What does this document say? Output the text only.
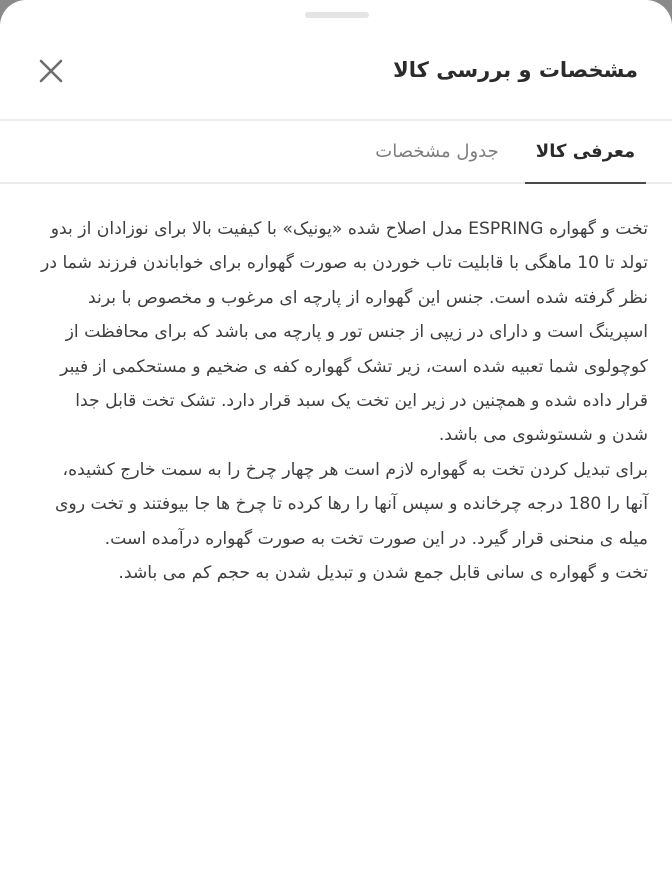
مشخصات و بررسی کالا
معرفی کالا
جدول مشخصات

تخت و گهواره ESPRING مدل اصلاح شده «یونیک» با کیفیت بالا برای نوزادان از بدو تولد تا 10 ماهگی با قابلیت تاب خوردن به صورت گهواره برای خواباندن فرزند شما در نظر گرفته شده است. جنس این گهواره از پارچه ای مرغوب و مخصوص با برند اسپرینگ است و دارای در زیپی از جنس تور و پارچه می باشد که برای محافظت از کوچولوی شما تعبیه شده است، زیر تشک گهواره کفه ی ضخیم و مستحکمی از فیبر قرار داده شده و همچنین در زیر این تخت یک سبد قرار دارد. تشک تخت قابل جدا شدن و شستوشوی می باشد.

برای تبدیل کردن تخت به گهواره لازم است هر چهار چرخ را به سمت خارج کشیده، آنها را 180 درجه چرخانده و سپس آنها را رها کرده تا چرخ ها جا بیوفتند و تخت روی میله ی منحنی قرار گیرد. در این صورت تخت به صورت گهواره درآمده است.

تخت و گهواره ی سانی قابل جمع شدن و تبدیل شدن به حجم کم می باشد.
